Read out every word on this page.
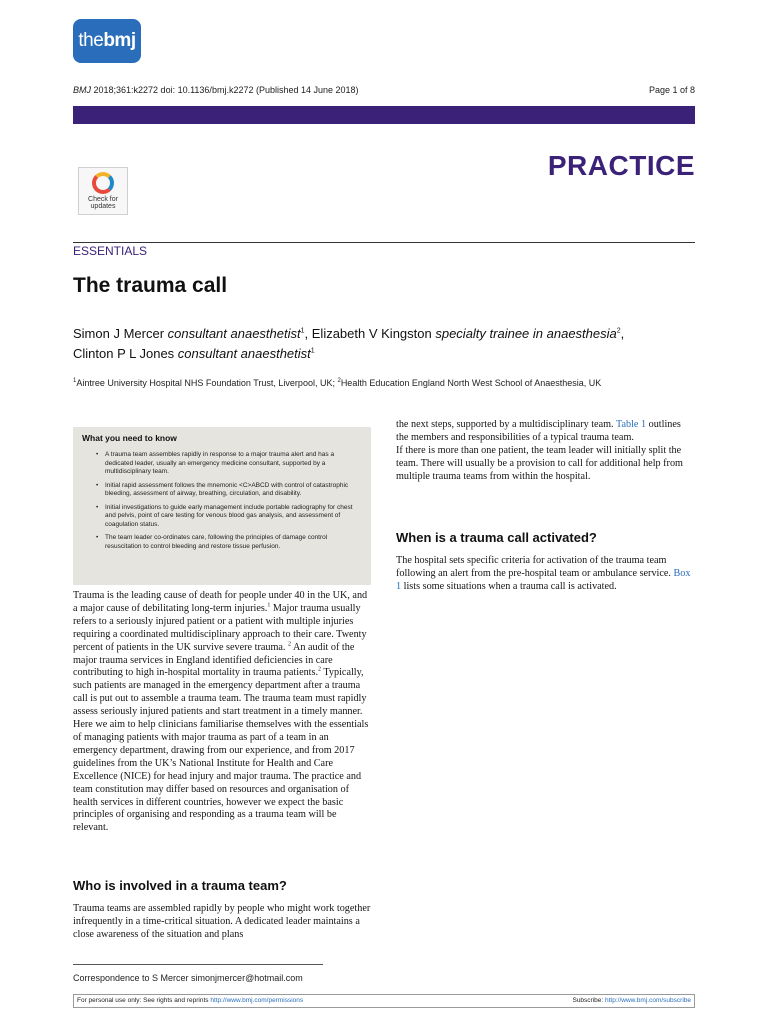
thebmj
BMJ 2018;361:k2272 doi: 10.1136/bmj.k2272 (Published 14 June 2018)	Page 1 of 8
PRACTICE
Check for
updates
ESSENTIALS
The trauma call
Simon J Mercer consultant anaesthetist$^1$, Elizabeth V Kingston specialty trainee in anaesthesia$^2$,
Clinton P L Jones consultant anaesthetist$^1$
$^1$Aintree University Hospital NHS Foundation Trust, Liverpool, UK; $^2$Health Education England North West School of Anaesthesia, UK
What you need to know
• A trauma team assembles rapidly in response to a major trauma alert and has a dedicated leader, usually an emergency medicine consultant, supported by a multidisciplinary team.
• Initial rapid assessment follows the mnemonic <C>ABCD with control of catastrophic bleeding, assessment of airway, breathing, circulation, and disability.
• Initial investigations to guide early management include portable radiography for chest and pelvis, point of care testing for venous blood gas analysis, and assessment of coagulation status.
• The team leader co-ordinates care, following the principles of damage control resuscitation to control bleeding and restore tissue perfusion.

Trauma is the leading cause of death for people under 40 in the UK, and a major cause of debilitating long-term injuries.$^1$ Major trauma usually refers to a seriously injured patient or a patient with multiple injuries requiring a coordinated multidisciplinary approach to their care. Twenty percent of patients in the UK survive severe trauma. $^2$ An audit of the major trauma services in England identified deficiencies in care contributing to high in-hospital mortality in trauma patients.$^2$ Typically, such patients are managed in the emergency department after a trauma call is put out to assemble a trauma team. The trauma team must rapidly assess seriously injured patients and start treatment in a timely manner.

Here we aim to help clinicians familiarise themselves with the essentials of managing patients with major trauma as part of a team in an emergency department, drawing from our experience, and from 2017 guidelines from the UK’s National Institute for Health and Care Excellence (NICE) for head injury and major trauma. The practice and team constitution may differ based on resources and organisation of health services in different countries, however we expect the basic principles of organising and responding as a trauma team will be relevant.

Who is involved in a trauma team?

Trauma teams are assembled rapidly by people who might work together infrequently in a time-critical situation. A dedicated leader maintains a close awareness of the situation and plans

the next steps, supported by a multidisciplinary team. Table 1 outlines the members and responsibilities of a typical trauma team.

If there is more than one patient, the team leader will initially split the team. There will usually be a provision to call for additional help from multiple trauma teams from within the hospital.

When is a trauma call activated?

The hospital sets specific criteria for activation of the trauma team following an alert from the pre-hospital team or ambulance service. Box 1 lists some situations when a trauma call is activated.

Correspondence to S Mercer simonjmercer@hotmail.com
For personal use only: See rights and reprints http://www.bmj.com/permissions	Subscribe: http://www.bmj.com/subscribe
